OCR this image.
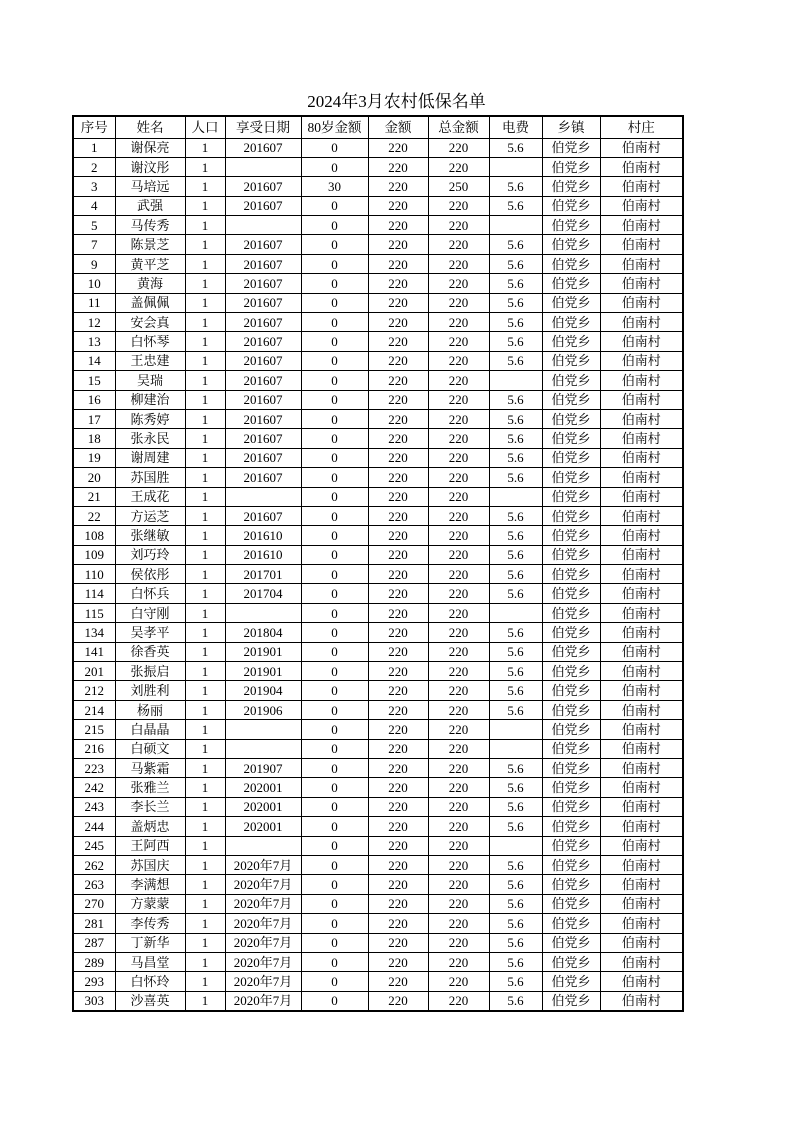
2024年3月农村低保名单
序号	姓名	人口	享受日期	80岁金额	金额	总金额	电费	乡镇	村庄
1	谢保亮	1	201607	0	220	220	5.6	伯党乡	伯南村
2	谢汶彤	1		0	220	220		伯党乡	伯南村
3	马培远	1	201607	30	220	250	5.6	伯党乡	伯南村
4	武强	1	201607	0	220	220	5.6	伯党乡	伯南村
5	马传秀	1		0	220	220		伯党乡	伯南村
7	陈景芝	1	201607	0	220	220	5.6	伯党乡	伯南村
9	黄平芝	1	201607	0	220	220	5.6	伯党乡	伯南村
10	黄海	1	201607	0	220	220	5.6	伯党乡	伯南村
11	盖佩佩	1	201607	0	220	220	5.6	伯党乡	伯南村
12	安会真	1	201607	0	220	220	5.6	伯党乡	伯南村
13	白怀琴	1	201607	0	220	220	5.6	伯党乡	伯南村
14	王忠建	1	201607	0	220	220	5.6	伯党乡	伯南村
15	吴瑞	1	201607	0	220	220		伯党乡	伯南村
16	柳建治	1	201607	0	220	220	5.6	伯党乡	伯南村
17	陈秀婷	1	201607	0	220	220	5.6	伯党乡	伯南村
18	张永民	1	201607	0	220	220	5.6	伯党乡	伯南村
19	谢周建	1	201607	0	220	220	5.6	伯党乡	伯南村
20	苏国胜	1	201607	0	220	220	5.6	伯党乡	伯南村
21	王成花	1		0	220	220		伯党乡	伯南村
22	方运芝	1	201607	0	220	220	5.6	伯党乡	伯南村
108	张继敏	1	201610	0	220	220	5.6	伯党乡	伯南村
109	刘巧玲	1	201610	0	220	220	5.6	伯党乡	伯南村
110	侯依彤	1	201701	0	220	220	5.6	伯党乡	伯南村
114	白怀兵	1	201704	0	220	220	5.6	伯党乡	伯南村
115	白守刚	1		0	220	220		伯党乡	伯南村
134	吴孝平	1	201804	0	220	220	5.6	伯党乡	伯南村
141	徐香英	1	201901	0	220	220	5.6	伯党乡	伯南村
201	张振启	1	201901	0	220	220	5.6	伯党乡	伯南村
212	刘胜利	1	201904	0	220	220	5.6	伯党乡	伯南村
214	杨丽	1	201906	0	220	220	5.6	伯党乡	伯南村
215	白晶晶	1		0	220	220		伯党乡	伯南村
216	白硕文	1		0	220	220		伯党乡	伯南村
223	马紫霜	1	201907	0	220	220	5.6	伯党乡	伯南村
242	张雅兰	1	202001	0	220	220	5.6	伯党乡	伯南村
243	李长兰	1	202001	0	220	220	5.6	伯党乡	伯南村
244	盖炳忠	1	202001	0	220	220	5.6	伯党乡	伯南村
245	王阿西	1		0	220	220		伯党乡	伯南村
262	苏国庆	1	2020年7月	0	220	220	5.6	伯党乡	伯南村
263	李满想	1	2020年7月	0	220	220	5.6	伯党乡	伯南村
270	方蒙蒙	1	2020年7月	0	220	220	5.6	伯党乡	伯南村
281	李传秀	1	2020年7月	0	220	220	5.6	伯党乡	伯南村
287	丁新华	1	2020年7月	0	220	220	5.6	伯党乡	伯南村
289	马昌堂	1	2020年7月	0	220	220	5.6	伯党乡	伯南村
293	白怀玲	1	2020年7月	0	220	220	5.6	伯党乡	伯南村
303	沙喜英	1	2020年7月	0	220	220	5.6	伯党乡	伯南村
